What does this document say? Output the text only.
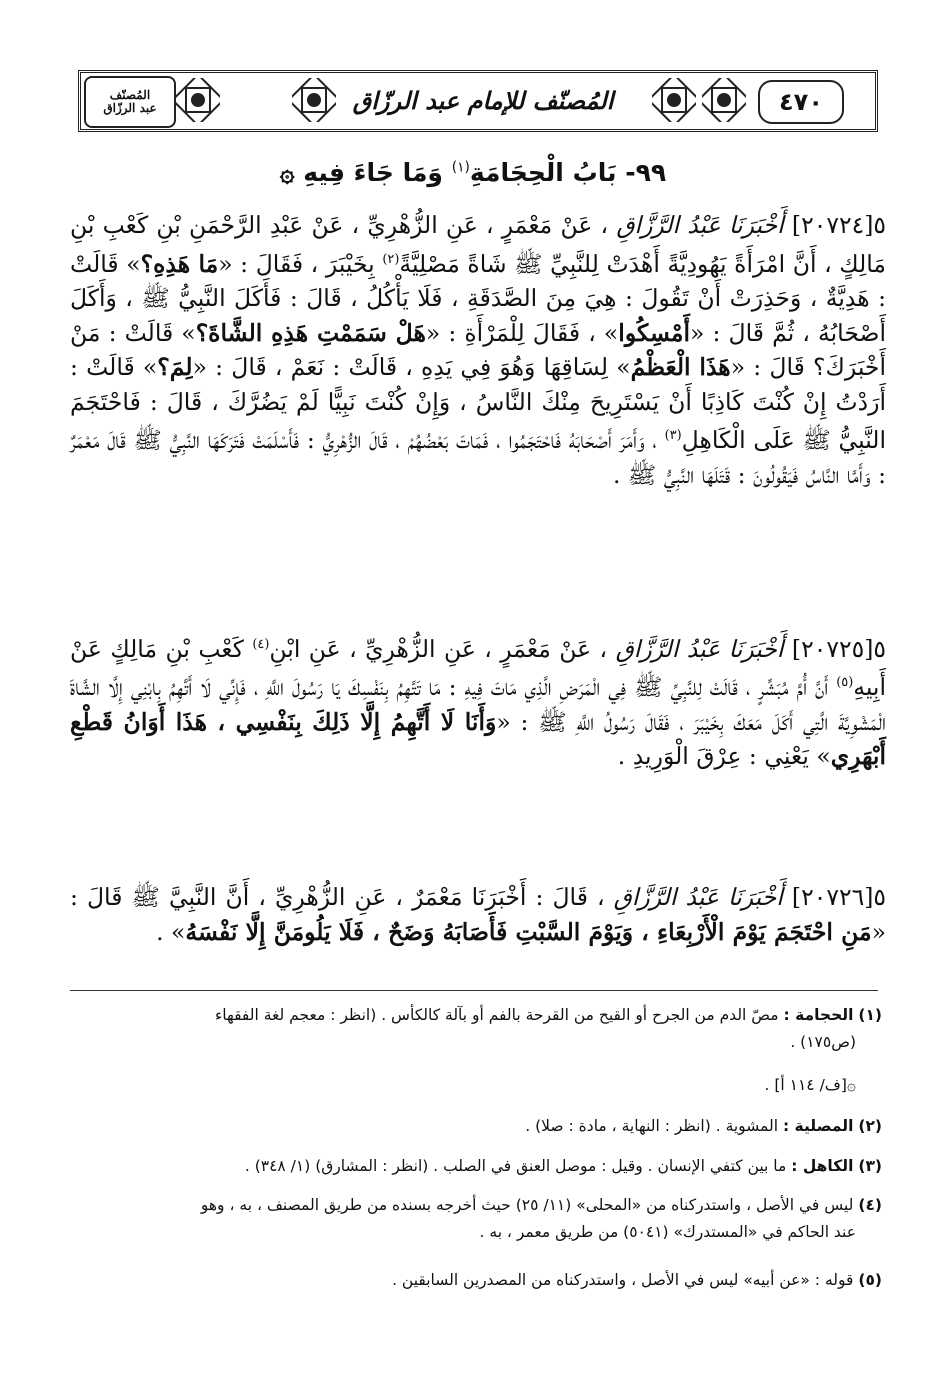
٤٧٠
المُصنّف للإمام عبد الرزّاق
المُصنّف
عبد الرزّاق
٩٩- بَابُ الْحِجَامَةِ$^{(١)}$ وَمَا جَاءَ فِيهِ ۞
٥[٢٠٧٢٤] أَخْبَرَنَا عَبْدُ الرَّزَّاقِ ، عَنْ مَعْمَرٍ ، عَنِ الزُّهْرِيِّ ، عَنْ عَبْدِ الرَّحْمَنِ بْنِ كَعْبِ بْنِ مَالِكٍ ، أَنَّ امْرَأَةً يَهُودِيَّةً أَهْدَتْ لِلنَّبِيِّ ﷺ شَاةً مَصْلِيَّةً$^{(٢)}$ بِخَيْبَرَ ، فَقَالَ : «مَا هَذِهِ؟» قَالَتْ : هَدِيَّةٌ ، وَحَذِرَتْ أَنْ تَقُولَ : هِيَ مِنَ الصَّدَقَةِ ، فَلَا يَأْكُلُ ، قَالَ : فَأَكَلَ النَّبِيُّ ﷺ ، وَأَكَلَ أَصْحَابُهُ ، ثُمَّ قَالَ : «أَمْسِكُوا» ، فَقَالَ لِلْمَرْأَةِ : «هَلْ سَمَمْتِ هَذِهِ الشَّاةَ؟» قَالَتْ : مَنْ أَخْبَرَكَ؟ قَالَ : «هَذَا الْعَظْمُ» لِسَاقِهَا وَهُوَ فِي يَدِهِ ، قَالَتْ : نَعَمْ ، قَالَ : «لِمَ؟» قَالَتْ : أَرَدْتُ إِنْ كُنْتَ كَاذِبًا أَنْ يَسْتَرِيحَ مِنْكَ النَّاسُ ، وَإِنْ كُنْتَ نَبِيًّا لَمْ يَضُرَّكَ ، قَالَ : فَاحْتَجَمَ النَّبِيُّ ﷺ عَلَى الْكَاهِلِ$^{(٣)}$ ، وَأَمَرَ أَصْحَابَهُ فَاحْتَجَمُوا ، فَمَاتَ بَعْضُهُمْ ، قَالَ الزُّهْرِيُّ : فَأَسْلَمَتْ فَتَرَكَهَا النَّبِيُّ ﷺ قَالَ مَعْمَرٌ : وَأَمَّا النَّاسُ فَيَقُولُونَ : قَتَلَهَا النَّبِيُّ ﷺ .
٥[٢٠٧٢٥] أَخْبَرَنَا عَبْدُ الرَّزَّاقِ ، عَنْ مَعْمَرٍ ، عَنِ الزُّهْرِيِّ ، عَنِ ابْنِ$^{(٤)}$ كَعْبِ بْنِ مَالِكٍ عَنْ أَبِيهِ$^{(٥)}$ أَنَّ أُمَّ مُبَشِّرٍ ، قَالَتْ لِلنَّبِيِّ ﷺ فِي الْمَرَضِ الَّذِي مَاتَ فِيهِ : مَا تَتَّهِمُ بِنَفْسِكَ يَا رَسُولَ اللَّهِ ، فَإِنِّي لَا أَتَّهِمُ بِابْنِي إِلَّا الشَّاةَ الْمَشْوِيَّةَ الَّتِي أَكَلَ مَعَكَ بِخَيْبَرَ ، فَقَالَ رَسُولُ اللَّهِ ﷺ : «وَأَنَا لَا أَتَّهِمُ إِلَّا ذَلِكَ بِنَفْسِي ، هَذَا أَوَانُ قَطْعِ أَبْهَرِي» يَعْنِي : عِرْقَ الْوَرِيدِ .
٥[٢٠٧٢٦] أَخْبَرَنَا عَبْدُ الرَّزَّاقِ ، قَالَ : أَخْبَرَنَا مَعْمَرٌ ، عَنِ الزُّهْرِيِّ ، أَنَّ النَّبِيَّ ﷺ قَالَ : «مَنِ احْتَجَمَ يَوْمَ الْأَرْبِعَاءِ ، وَيَوْمَ السَّبْتِ فَأَصَابَهُ وَضَحٌ ، فَلَا يَلُومَنَّ إِلَّا نَفْسَهُ» .
(١) الحجامة : مصّ الدم من الجرح أو القيح من القرحة بالفم أو بآلة كالكأس . (انظر : معجم لغة الفقهاء
(ص١٧٥) .
۞[ف/ ١١٤ أ] .
(٢) المصلية : المشوية . (انظر : النهاية ، مادة : صلا) .
(٣) الكاهل : ما بين كتفي الإنسان . وقيل : موصل العنق في الصلب . (انظر : المشارق) (١/ ٣٤٨) .
(٤) ليس في الأصل ، واستدركناه من «المحلى» (١١/ ٢٥) حيث أخرجه بسنده من طريق المصنف ، به ، وهو
عند الحاكم في «المستدرك» (٥٠٤١) من طريق معمر ، به .
(٥) قوله : «عن أبيه» ليس في الأصل ، واستدركناه من المصدرين السابقين .
